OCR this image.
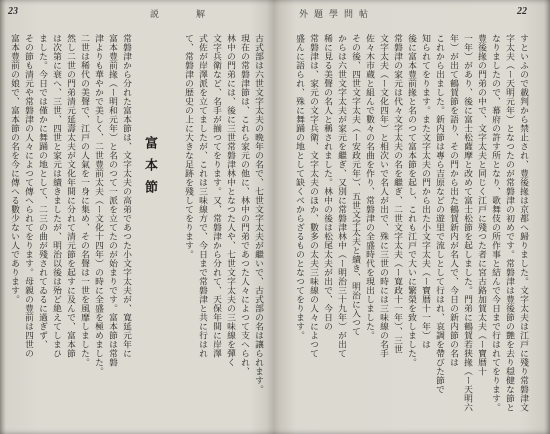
23	説　解
富本節	古式部は六世文字太夫の晩年の名で、七世文字太夫が繼いで、古式部の名は讓られます。
現在の常磐津節は、これら家元の他に、林中の門弟であつた人々によつて支へられ、
林中の門弟には、後に三世常磐津林中となつた人や、七世文字太夫の三味線を彈く
文字兵衛など、名手が揃つてをります。又、常磐津から分れて、天保年間に岸澤
式佐が岸澤派を立てましたが、これは三味線方で、今日まで常磐津と共に行はれ
て、常磐津の歴史の上に大きな足跡を殘してをります。
常磐津から分れた富本節は、文字太夫の高弟であつた小文字太夫が、寛延元年に
富本豊前掾（ー明和元年）と名のつて一派を立てたのが始まりです。富本節は常磐
津よりも華やかで美しく、二世豊前太夫（ー文化十四年）の時に全盛を極めました。
二世は稀代の美聲で、江戸の人氣を一身に集め、その名聲は一世を風靡しました。
然し二世の門弟清元延壽太夫が文化年間に分れて清元節を起すに及んで、富本節
は次第に衰へ、三世、四世と家元は續きましたが、明治以後は殆ど絶えてしまひ
ました。今日では僅かに舞踊の地として、二三の曲が殘されてゐるに過ぎず、
その節も清元や常磐津の人々によつて傳へられてをります。母親の豊前は四世の
富本豊前の娘で、富本節の名を今に傳へる數少ない人であります。
外題學問帖	22
すといふので載判から禁止され、豊後掾は京都へ歸りました。文字太夫は江戸に殘り常磐津文
字太夫（ー天明元年）となつたのが常磐津の初めです。常磐津は豊後節の艶を去り穏健な節と
なりましたので、幕府の許す所となり、歌舞伎の所作事と結んで今日まで行はれてをります。
豊後掾の門弟の中で、文字太夫と同じく江戸に殘つた者に宮古路加賀太夫（ー寶暦十
一年）があり、後に富士松薩摩と改めて富士松節を起しました。門弟に鶴賀若狭掾（ー天明六
年）が出て鶴賀節を語り、その門から出た鶴賀新内が名人で、今日の新内節の名は
これから出ました。新内節は專ら吉原などの遊里で流しとして行はれ、哀調を帶びた節で
知られてをります。また文字太夫の門から出た小文字太夫（ー寶暦十一年）は
後に富本豊前掾と名のつて富本節を起し、これも江戸で大いに繁榮を致しました。
常磐津の家元は代々文字太夫の名を繼ぎ、二世文字太夫（ー寛政十一年）、三世
文字太夫（ー文化四年）と相次いで名人が出で、殊に三世の時には三味線の名手
佐々木市蔵と組んで數々の名曲を作り、常磐津の全盛時代を現出しました。
その後、四世文字太夫（ー安政元年）、五世文字太夫と續き、明治に入つて
からは六世文字太夫が家元を繼ぎ、又別に常磐津林中（ー明治三十九年）が出て
稀に見る美聲の名人と稱されました。林中の後は松尾太夫が出で、今日の
常磐津は、家元の文字兵衛、文字太夫のほか、數多の太夫三味線の人々によつて
盛んに語られ、殊に舞踊の地として缺くべからざるものとなつてをります。
